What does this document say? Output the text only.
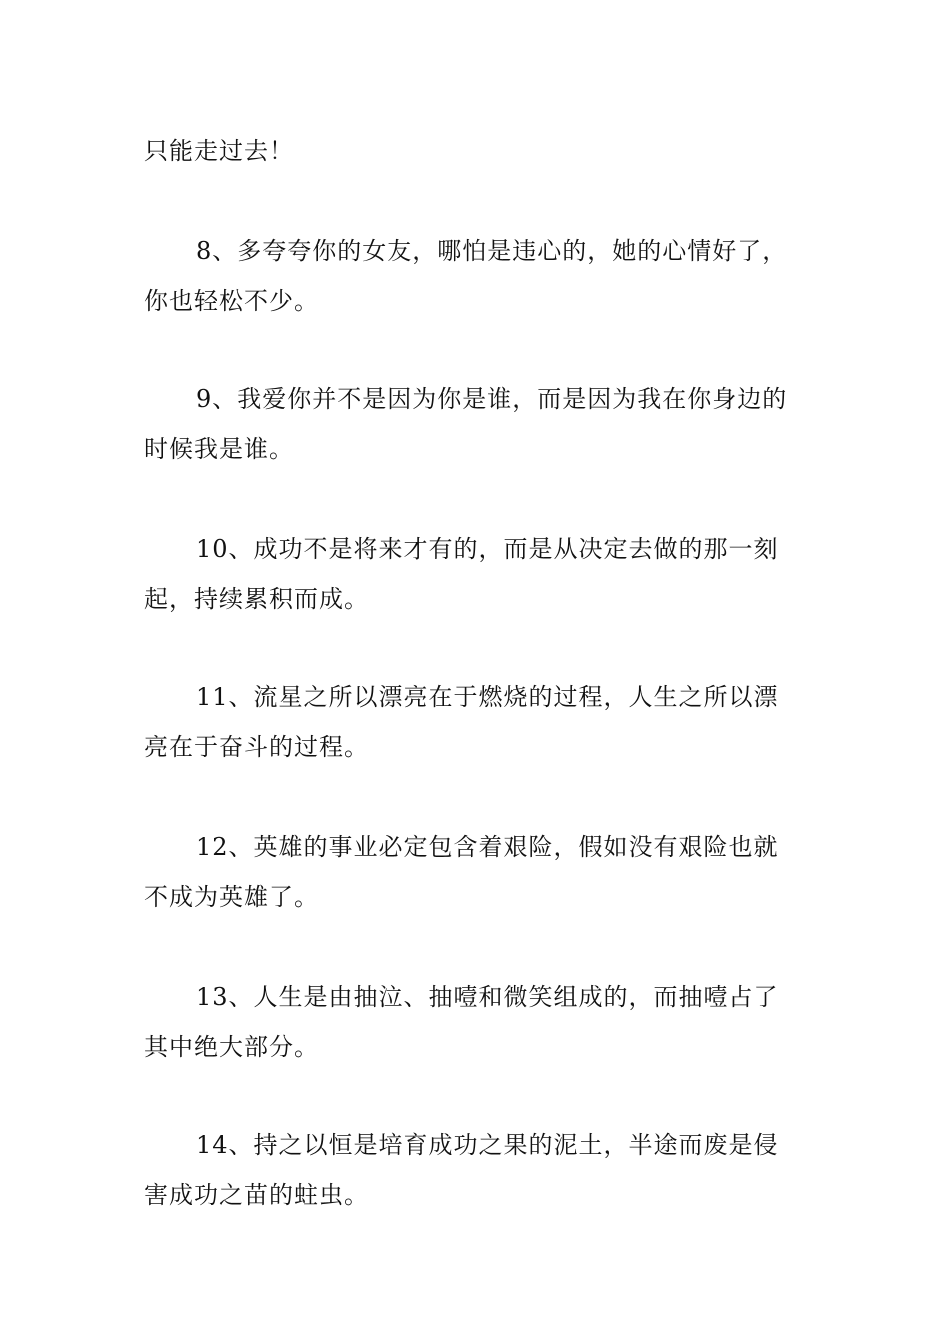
只能走过去！

8、多夸夸你的女友，哪怕是违心的，她的心情好了，
你也轻松不少。

9、我爱你并不是因为你是谁，而是因为我在你身边的
时候我是谁。

10、成功不是将来才有的，而是从决定去做的那一刻
起，持续累积而成。

11、流星之所以漂亮在于燃烧的过程，人生之所以漂
亮在于奋斗的过程。

12、英雄的事业必定包含着艰险，假如没有艰险也就
不成为英雄了。

13、人生是由抽泣、抽噎和微笑组成的，而抽噎占了
其中绝大部分。

14、持之以恒是培育成功之果的泥土，半途而废是侵
害成功之苗的蛀虫。
